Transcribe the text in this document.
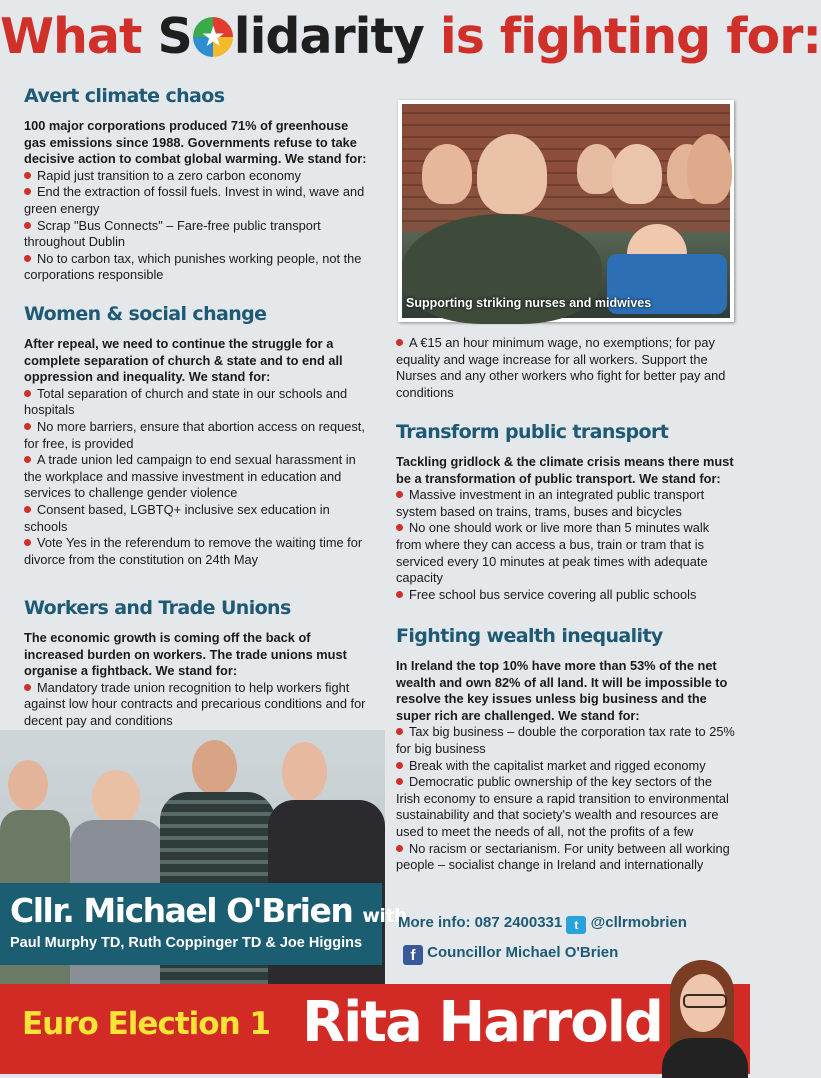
What S★ lidarity is fighting for:
Avert climate chaos

100 major corporations produced 71% of greenhouse gas emissions since 1988. Governments refuse to take decisive action to combat global warming. We stand for:

Rapid just transition to a zero carbon economy
End the extraction of fossil fuels. Invest in wind, wave and green energy
Scrap "Bus Connects" – Fare-free public transport throughout Dublin
No to carbon tax, which punishes working people, not the corporations responsible
Women & social change

After repeal, we need to continue the struggle for a complete separation of church & state and to end all oppression and inequality. We stand for:

Total separation of church and state in our schools and hospitals
No more barriers, ensure that abortion access on request, for free, is provided
A trade union led campaign to end sexual harassment in the workplace and massive investment in education and services to challenge gender violence
Consent based, LGBTQ+ inclusive sex education in schools
Vote Yes in the referendum to remove the waiting time for divorce from the constitution on 24th May
Workers and Trade Unions

The economic growth is coming off the back of increased burden on workers. The trade unions must organise a fightback. We stand for:

Mandatory trade union recognition to help workers fight against low hour contracts and precarious conditions and for decent pay and conditions
Supporting striking nurses and midwives
A €15 an hour minimum wage, no exemptions; for pay equality and wage increase for all workers. Support the Nurses and any other workers who fight for better pay and conditions
Transform public transport

Tackling gridlock & the climate crisis means there must be a transformation of public transport. We stand for:

Massive investment in an integrated public transport system based on trains, trams, buses and bicycles
No one should work or live more than 5 minutes walk from where they can access a bus, train or tram that is serviced every 10 minutes at peak times with adequate capacity
Free school bus service covering all public schools
Fighting wealth inequality

In Ireland the top 10% have more than 53% of the net wealth and own 82% of all land. It will be impossible to resolve the key issues unless big business and the super rich are challenged. We stand for:

Tax big business – double the corporation tax rate to 25% for big business
Break with the capitalist market and rigged economy
Democratic public ownership of the key sectors of the Irish economy to ensure a rapid transition to environmental sustainability and that society's wealth and resources are used to meet the needs of all, not the profits of a few
No racism or sectarianism. For unity between all working people – socialist change in Ireland and internationally
Cllr. Michael O'Brien with
Paul Murphy TD, Ruth Coppinger TD & Joe Higgins
More info: 087 2400331 t @cllrmobrien
f Councillor Michael O'Brien
Euro Election 1 Rita Harrold
